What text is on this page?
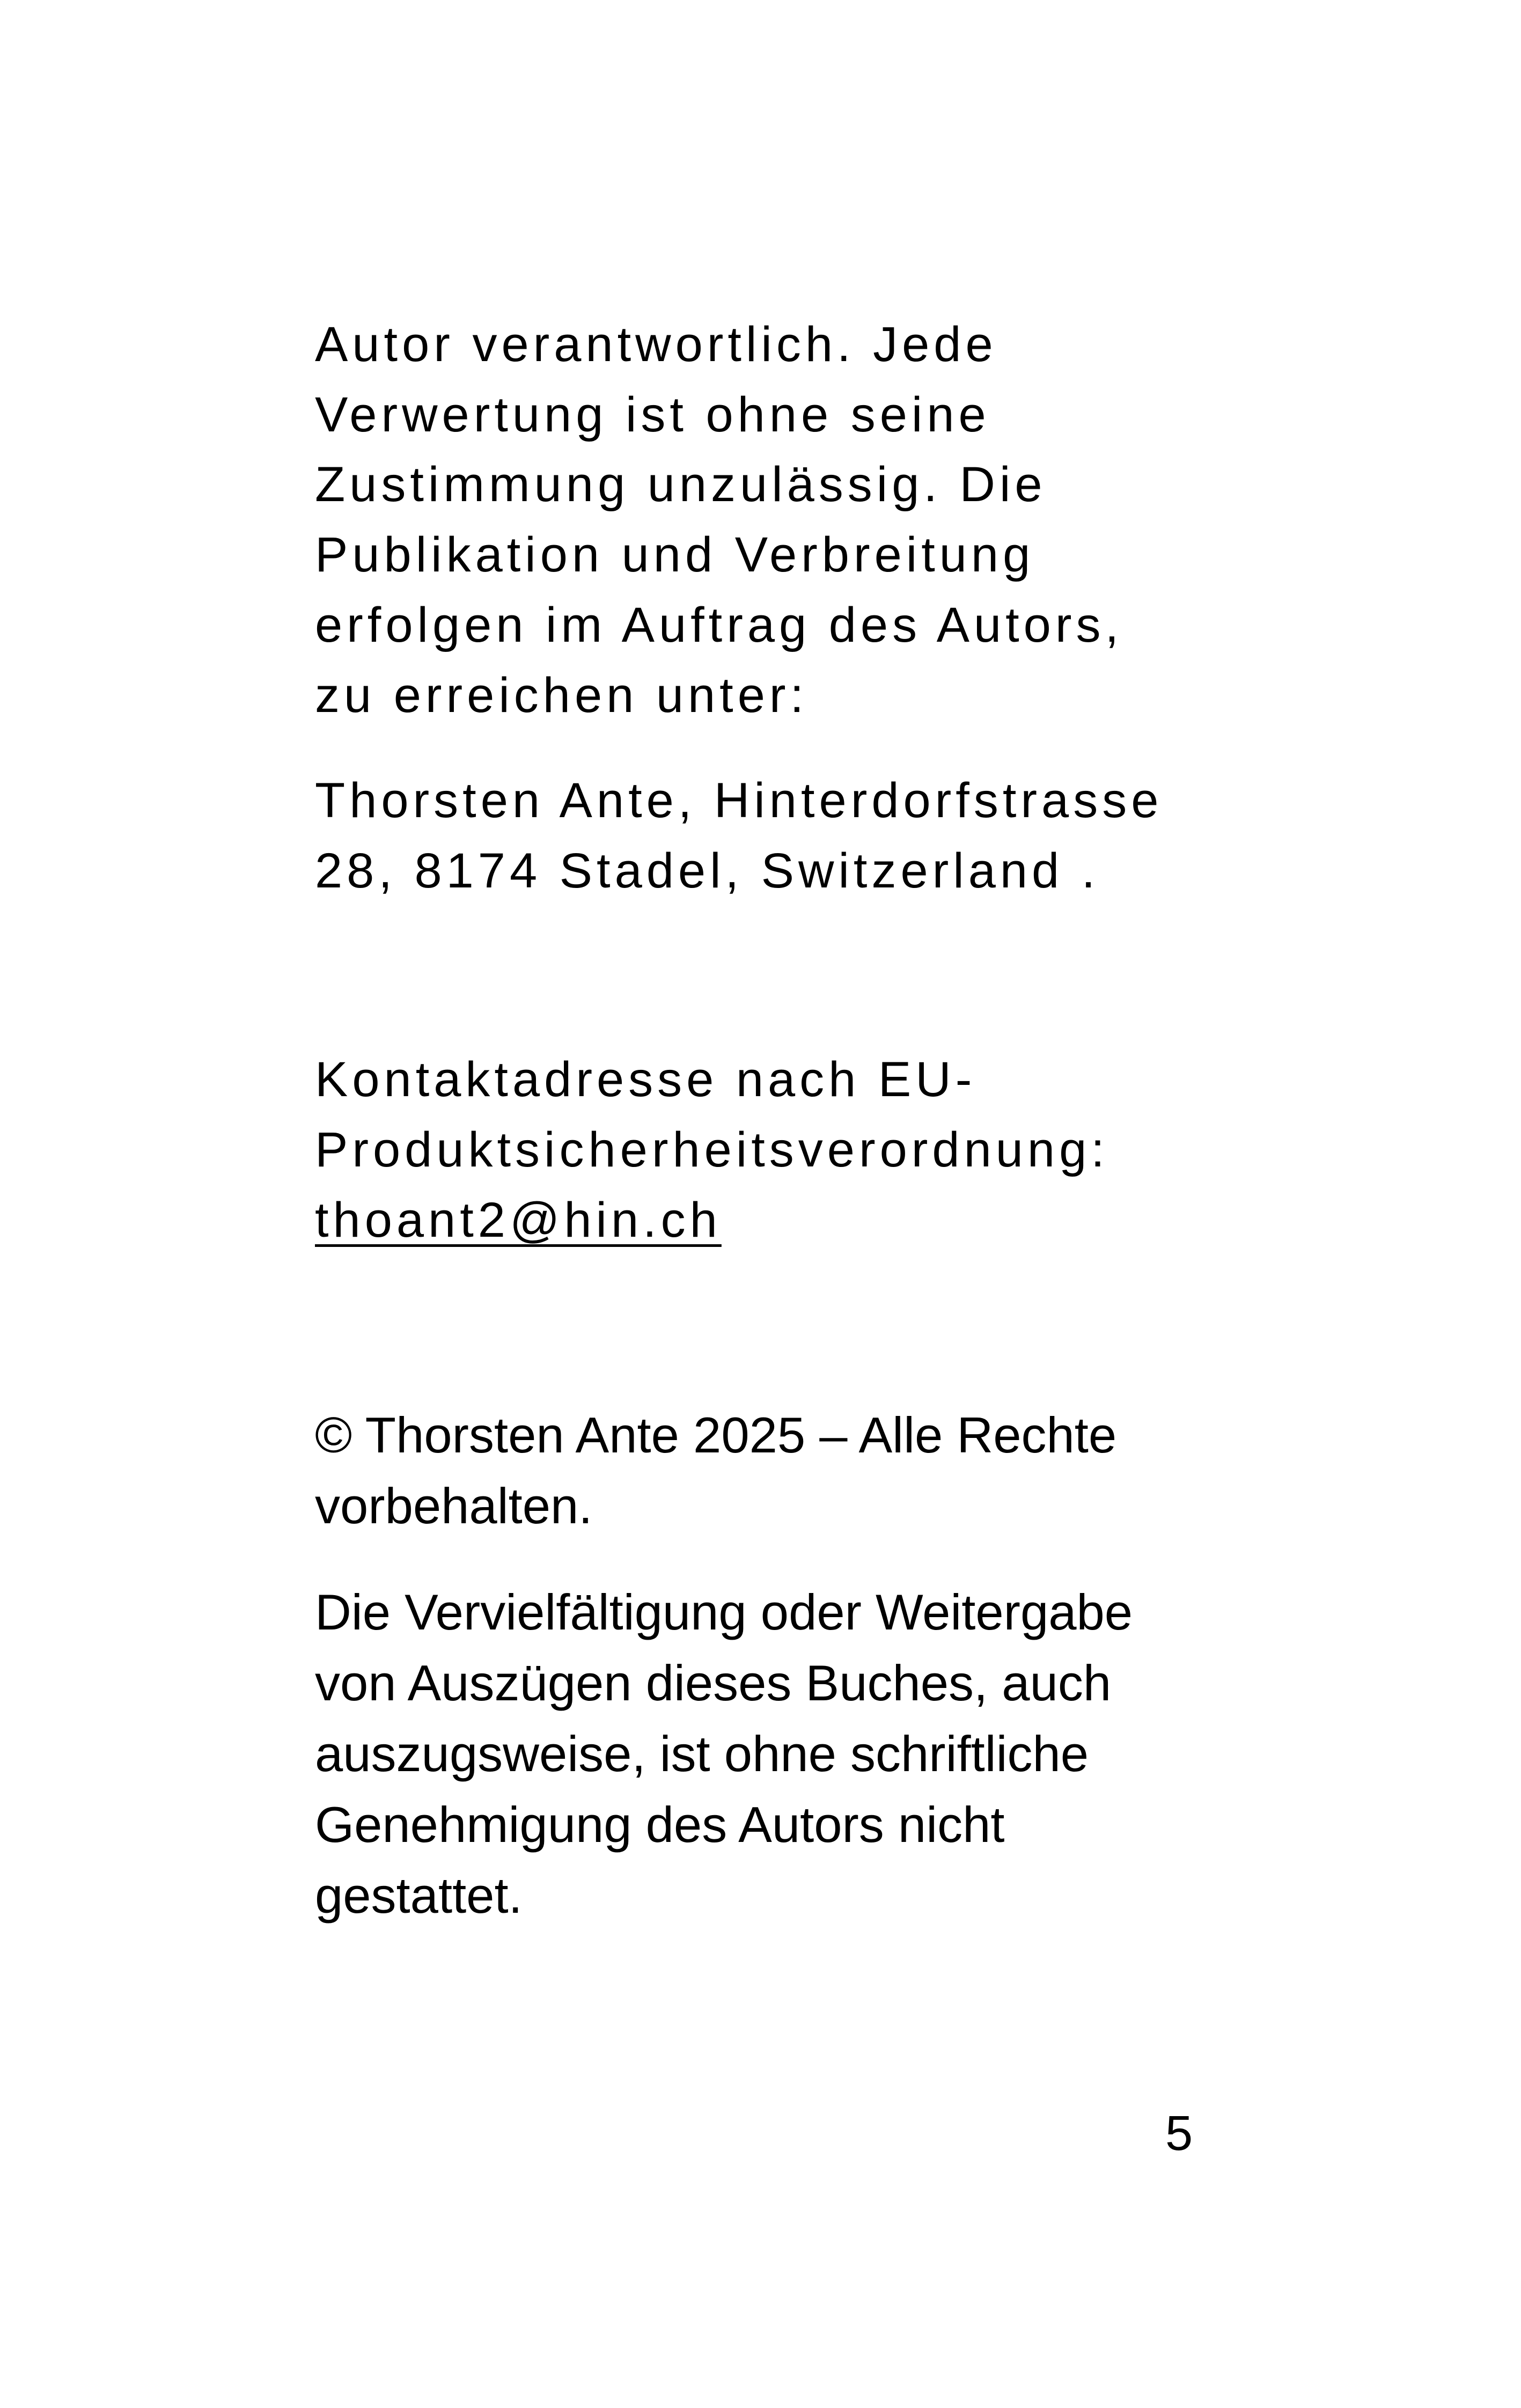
Autor verantwortlich. Jede

Verwertung ist ohne seine

Zustimmung unzulässig. Die

Publikation und Verbreitung

erfolgen im Auftrag des Autors,

zu erreichen unter:

Thorsten Ante, Hinterdorfstrasse

28, 8174 Stadel, Switzerland .

Kontaktadresse nach EU-

Produktsicherheitsverordnung:

thoant2@hin.ch

© Thorsten Ante 2025 – Alle Rechte

vorbehalten.

Die Vervielfältigung oder Weitergabe

von Auszügen dieses Buches, auch

auszugsweise, ist ohne schriftliche

Genehmigung des Autors nicht

gestattet.

5
